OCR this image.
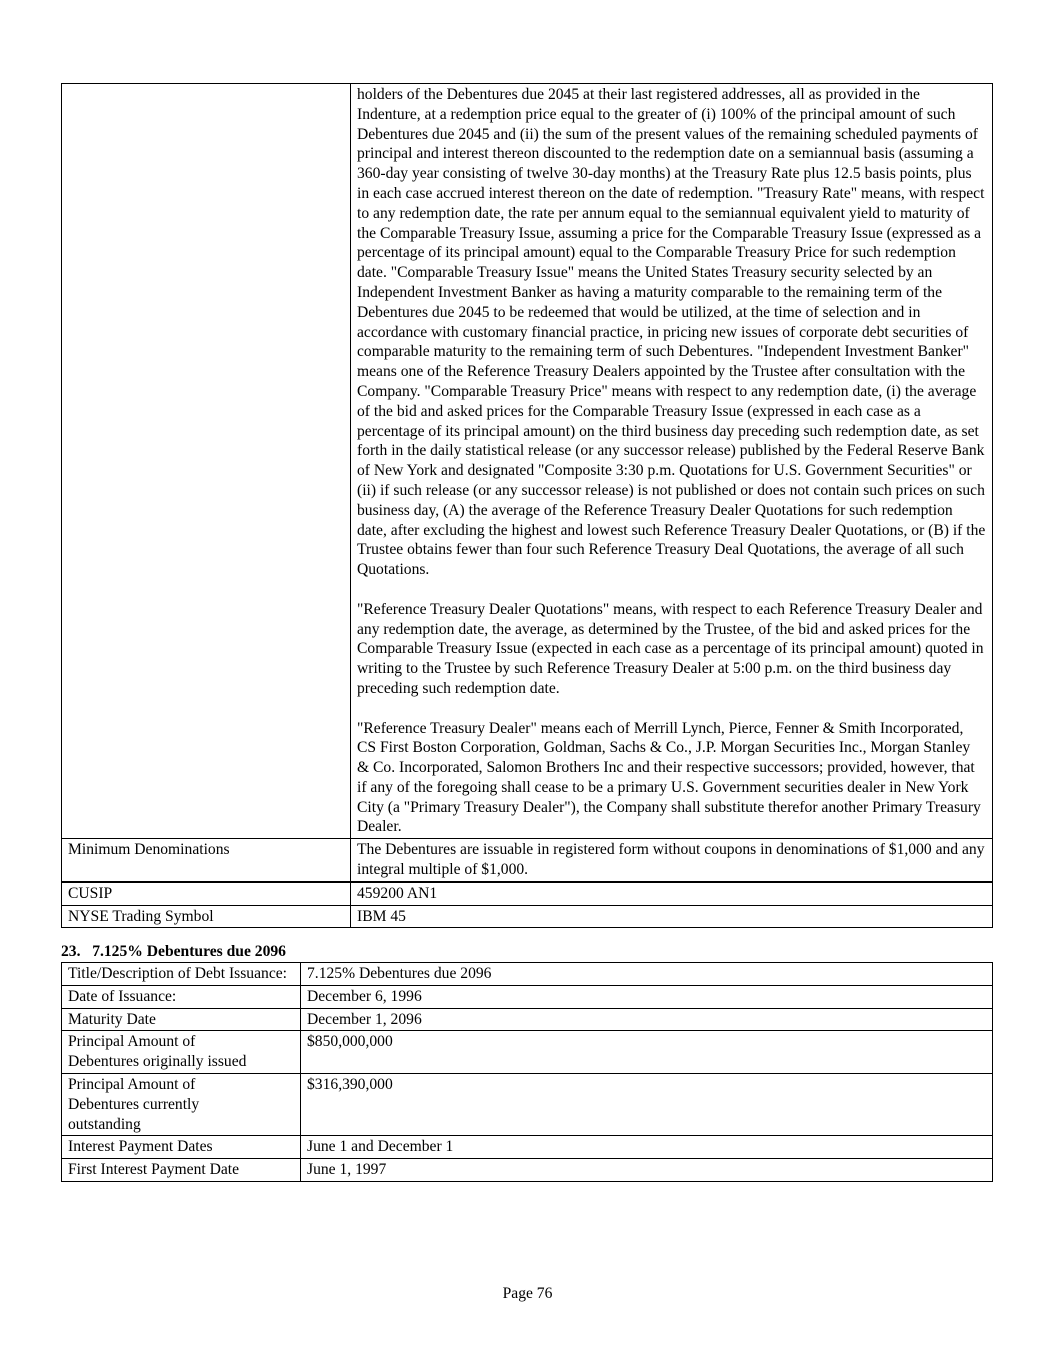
	holders of the Debentures due 2045 at their last registered addresses, all as provided in the Indenture, at a redemption price equal to the greater of (i) 100% of the principal amount of such Debentures due 2045 and (ii) the sum of the present values of the remaining scheduled payments of principal and interest thereon discounted to the redemption date on a semiannual basis (assuming a 360-day year consisting of twelve 30-day months) at the Treasury Rate plus 12.5 basis points, plus in each case accrued interest thereon on the date of redemption. "Treasury Rate" means, with respect to any redemption date, the rate per annum equal to the semiannual equivalent yield to maturity of the Comparable Treasury Issue, assuming a price for the Comparable Treasury Issue (expressed as a percentage of its principal amount) equal to the Comparable Treasury Price for such redemption date. "Comparable Treasury Issue" means the United States Treasury security selected by an Independent Investment Banker as having a maturity comparable to the remaining term of the Debentures due 2045 to be redeemed that would be utilized, at the time of selection and in accordance with customary financial practice, in pricing new issues of corporate debt securities of comparable maturity to the remaining term of such Debentures. "Independent Investment Banker" means one of the Reference Treasury Dealers appointed by the Trustee after consultation with the Company. "Comparable Treasury Price" means with respect to any redemption date, (i) the average of the bid and asked prices for the Comparable Treasury Issue (expressed in each case as a percentage of its principal amount) on the third business day preceding such redemption date, as set forth in the daily statistical release (or any successor release) published by the Federal Reserve Bank of New York and designated "Composite 3:30 p.m. Quotations for U.S. Government Securities" or (ii) if such release (or any successor release) is not published or does not contain such prices on such business day, (A) the average of the Reference Treasury Dealer Quotations for such redemption date, after excluding the highest and lowest such Reference Treasury Dealer Quotations, or (B) if the Trustee obtains fewer than four such Reference Treasury Deal Quotations, the average of all such Quotations.

"Reference Treasury Dealer Quotations" means, with respect to each Reference Treasury Dealer and any redemption date, the average, as determined by the Trustee, of the bid and asked prices for the Comparable Treasury Issue (expected in each case as a percentage of its principal amount) quoted in writing to the Trustee by such Reference Treasury Dealer at 5:00 p.m. on the third business day preceding such redemption date.

"Reference Treasury Dealer" means each of Merrill Lynch, Pierce, Fenner & Smith Incorporated, CS First Boston Corporation, Goldman, Sachs & Co., J.P. Morgan Securities Inc., Morgan Stanley & Co. Incorporated, Salomon Brothers Inc and their respective successors; provided, however, that if any of the foregoing shall cease to be a primary U.S. Government securities dealer in New York City (a "Primary Treasury Dealer"), the Company shall substitute therefor another Primary Treasury Dealer.

Minimum Denominations	The Debentures are issuable in registered form without coupons in denominations of $1,000 and any integral multiple of $1,000.
CUSIP	459200 AN1
NYSE Trading Symbol	IBM 45

23.   7.125% Debentures due 2096

Title/Description of Debt Issuance:	7.125% Debentures due 2096
Date of Issuance:	December 6, 1996
Maturity Date	December 1, 2096
Principal Amount of Debentures originally issued	$850,000,000
Principal Amount of Debentures currently outstanding	$316,390,000
Interest Payment Dates	June 1 and December 1
First Interest Payment Date	June 1, 1997
Page 76
